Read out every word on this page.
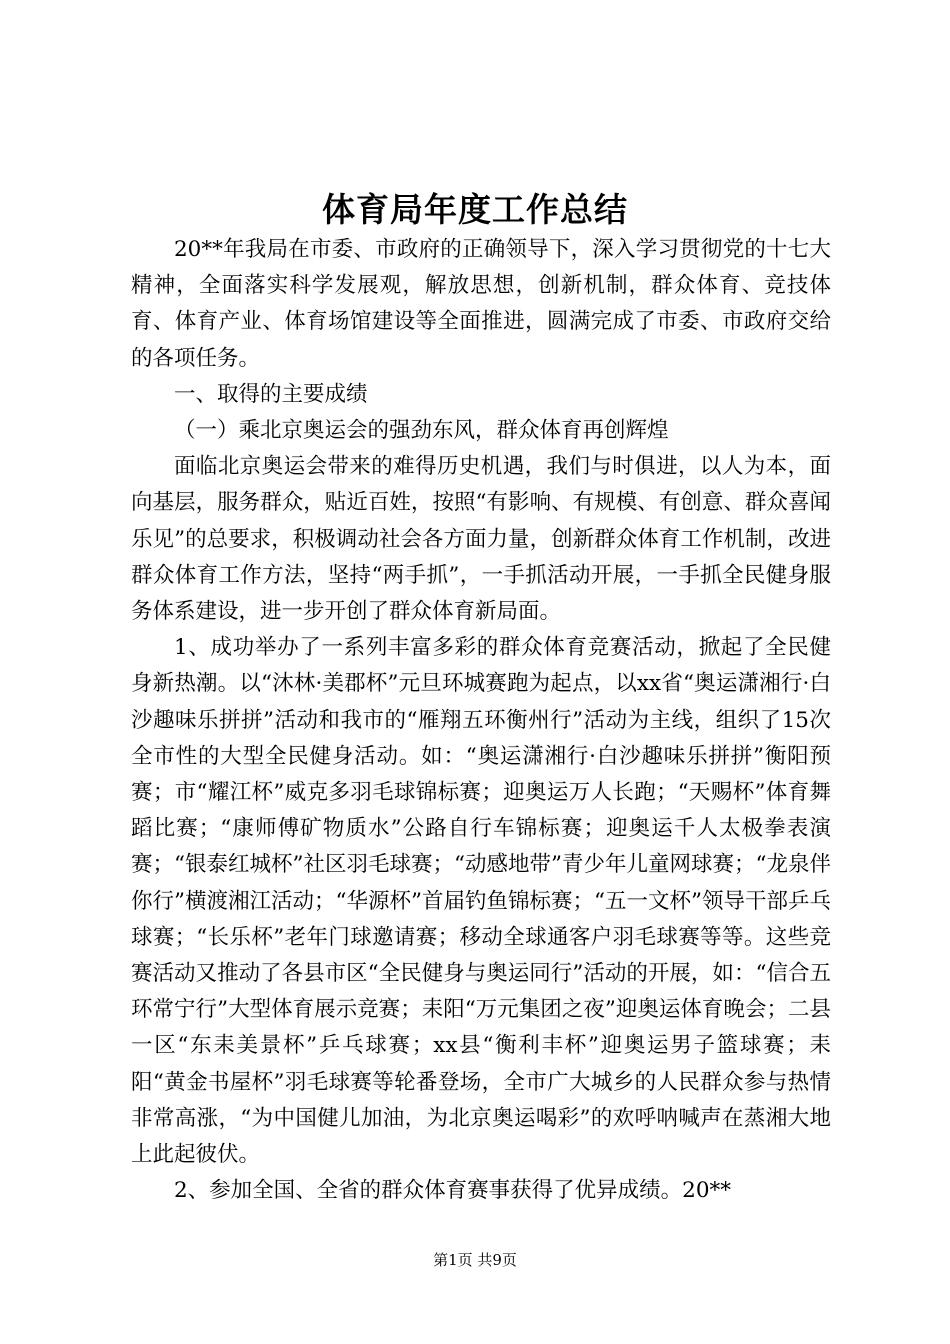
体育局年度工作总结

20**年我局在市委、市政府的正确领导下，深入学习贯彻党的十七大精神，全面落实科学发展观，解放思想，创新机制，群众体育、竞技体育、体育产业、体育场馆建设等全面推进，圆满完成了市委、市政府交给的各项任务。

一、取得的主要成绩

（一）乘北京奥运会的强劲东风，群众体育再创辉煌

面临北京奥运会带来的难得历史机遇，我们与时俱进，以人为本，面向基层，服务群众，贴近百姓，按照“有影响、有规模、有创意、群众喜闻乐见”的总要求，积极调动社会各方面力量，创新群众体育工作机制，改进群众体育工作方法，坚持“两手抓”，一手抓活动开展，一手抓全民健身服务体系建设，进一步开创了群众体育新局面。

1、成功举办了一系列丰富多彩的群众体育竞赛活动，掀起了全民健身新热潮。以“沐林·美郡杯”元旦环城赛跑为起点，以xx省“奥运潇湘行·白沙趣味乐拼拼”活动和我市的“雁翔五环衡州行”活动为主线，组织了15次全市性的大型全民健身活动。如：“奥运潇湘行·白沙趣味乐拼拼”衡阳预赛；市“耀江杯”威克多羽毛球锦标赛；迎奥运万人长跑；“天赐杯”体育舞蹈比赛；“康师傅矿物质水”公路自行车锦标赛；迎奥运千人太极拳表演赛；“银泰红城杯”社区羽毛球赛；“动感地带”青少年儿童网球赛；“龙泉伴你行”横渡湘江活动；“华源杯”首届钓鱼锦标赛；“五一文杯”领导干部乒乓球赛；“长乐杯”老年门球邀请赛；移动全球通客户羽毛球赛等等。这些竞赛活动又推动了各县市区“全民健身与奥运同行”活动的开展，如：“信合五环常宁行”大型体育展示竞赛；耒阳“万元集团之夜”迎奥运体育晚会；二县一区“东耒美景杯”乒乓球赛；xx县“衡利丰杯”迎奥运男子篮球赛；耒阳“黄金书屋杯”羽毛球赛等轮番登场，全市广大城乡的人民群众参与热情非常高涨，“为中国健儿加油，为北京奥运喝彩”的欢呼呐喊声在蒸湘大地上此起彼伏。

2、参加全国、全省的群众体育赛事获得了优异成绩。20**

第1页 共9页
